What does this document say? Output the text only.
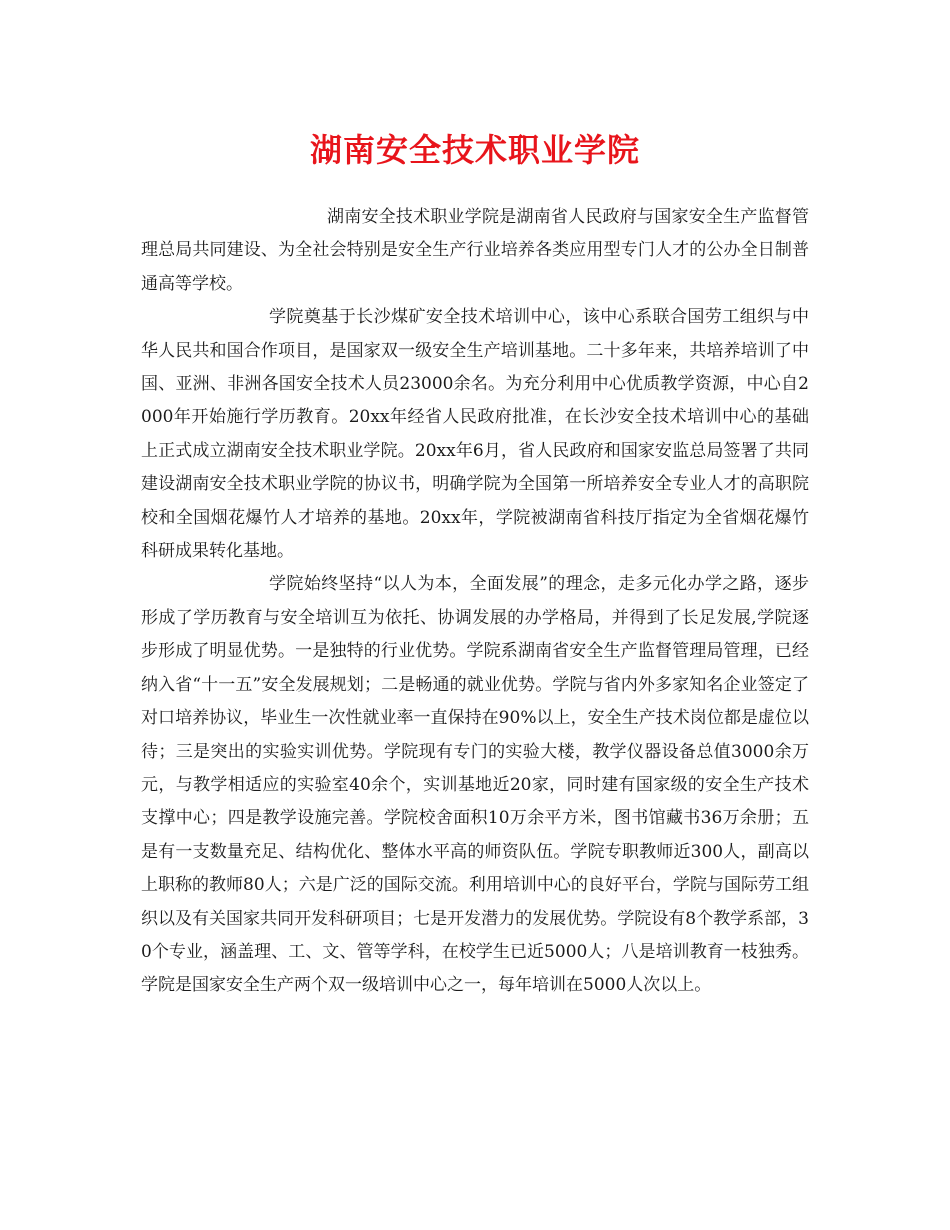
湖南安全技术职业学院

湖南安全技术职业学院是湖南省人民政府与国家安全生产监督管理总局共同建设、为全社会特别是安全生产行业培养各类应用型专门人才的公办全日制普通高等学校。

学院奠基于长沙煤矿安全技术培训中心，该中心系联合国劳工组织与中华人民共和国合作项目，是国家双一级安全生产培训基地。二十多年来，共培养培训了中国、亚洲、非洲各国安全技术人员23000余名。为充分利用中心优质教学资源，中心自2000年开始施行学历教育。20xx年经省人民政府批准，在长沙安全技术培训中心的基础上正式成立湖南安全技术职业学院。20xx年6月，省人民政府和国家安监总局签署了共同建设湖南安全技术职业学院的协议书，明确学院为全国第一所培养安全专业人才的高职院校和全国烟花爆竹人才培养的基地。20xx年，学院被湖南省科技厅指定为全省烟花爆竹科研成果转化基地。

学院始终坚持“以人为本，全面发展”的理念，走多元化办学之路，逐步形成了学历教育与安全培训互为依托、协调发展的办学格局，并得到了长足发展,学院逐步形成了明显优势。一是独特的行业优势。学院系湖南省安全生产监督管理局管理，已经纳入省“十一五”安全发展规划；二是畅通的就业优势。学院与省内外多家知名企业签定了对口培养协议，毕业生一次性就业率一直保持在90%以上，安全生产技术岗位都是虚位以待；三是突出的实验实训优势。学院现有专门的实验大楼，教学仪器设备总值3000余万元，与教学相适应的实验室40余个，实训基地近20家，同时建有国家级的安全生产技术支撑中心；四是教学设施完善。学院校舍面积10万余平方米，图书馆藏书36万余册；五是有一支数量充足、结构优化、整体水平高的师资队伍。学院专职教师近300人，副高以上职称的教师80人；六是广泛的国际交流。利用培训中心的良好平台，学院与国际劳工组织以及有关国家共同开发科研项目；七是开发潜力的发展优势。学院设有8个教学系部，30个专业，涵盖理、工、文、管等学科，在校学生已近5000人；八是培训教育一枝独秀。学院是国家安全生产两个双一级培训中心之一，每年培训在5000人次以上。
